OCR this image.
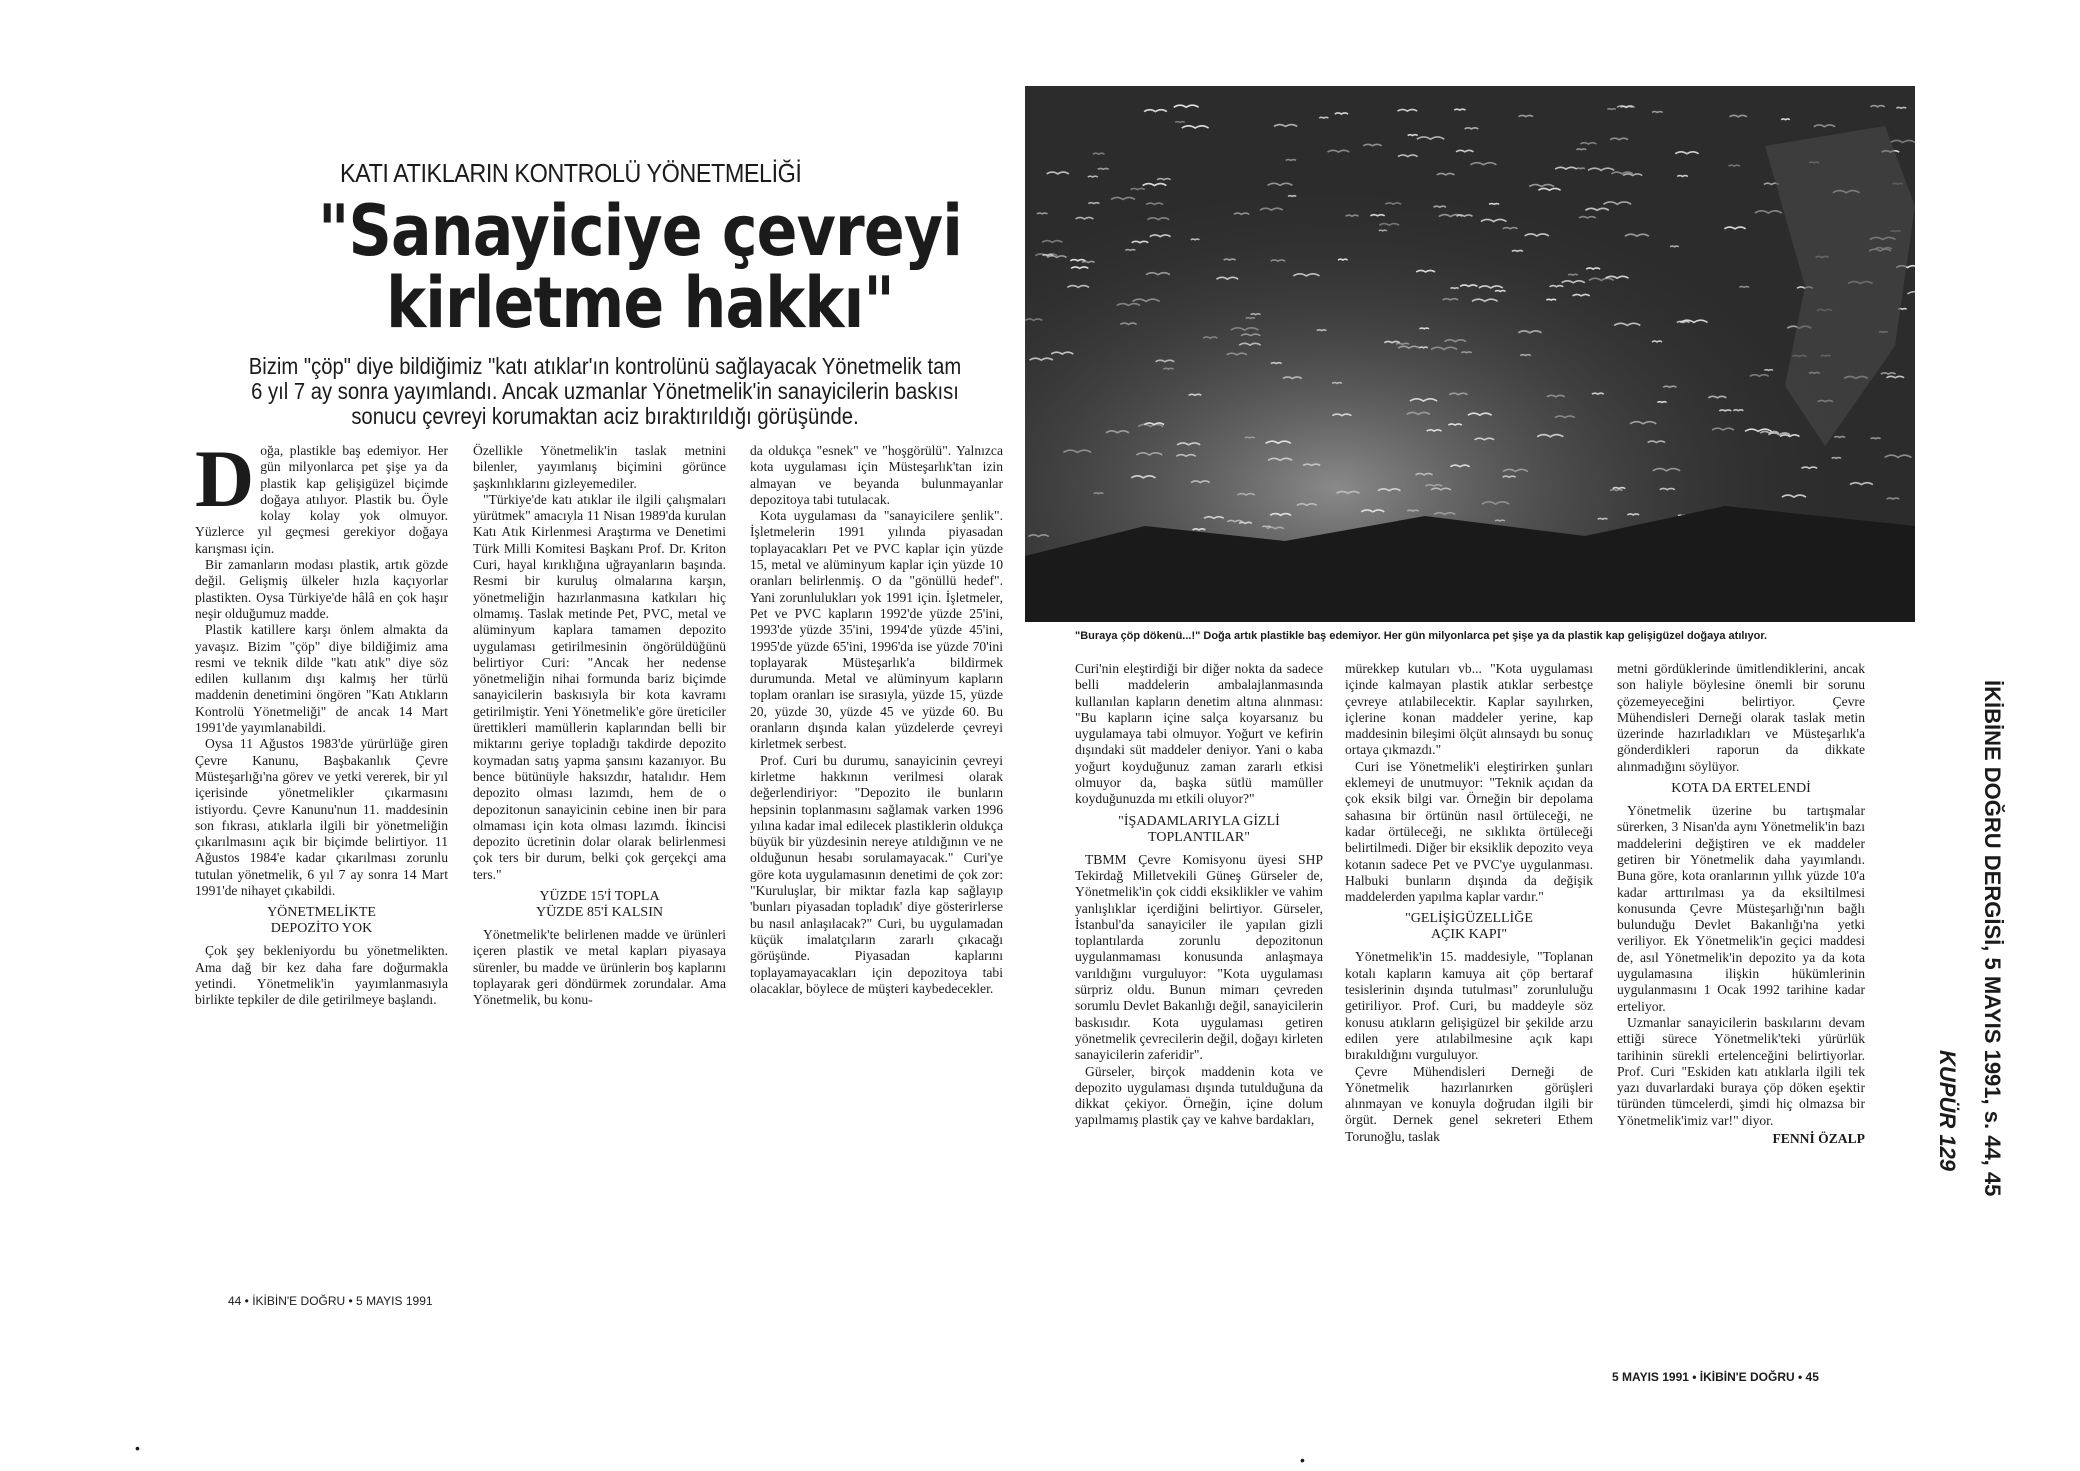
KATI ATIKLARIN KONTROLÜ YÖNETMELİĞİ
"Sanayiciye çevreyi
kirletme hakkı"
Bizim "çöp" diye bildiğimiz "katı atıklar'ın kontrolünü sağlayacak Yönetmelik tam 6 yıl 7 ay sonra yayımlandı. Ancak uzmanlar Yönetmelik'in sanayicilerin baskısı sonucu çevreyi korumaktan aciz bıraktırıldığı görüşünde.

Doğa, plastikle baş edemiyor. Her gün milyonlarca pet şişe ya da plastik kap gelişigüzel biçimde doğaya atılıyor. Plastik bu. Öyle kolay kolay yok olmuyor. Yüzlerce yıl geçmesi gerekiyor doğaya karışması için.

Bir zamanların modası plastik, artık gözde değil. Gelişmiş ülkeler hızla kaçıyorlar plastikten. Oysa Türkiye'de hâlâ en çok haşır neşir olduğumuz madde.

Plastik katillere karşı önlem almakta da yavaşız. Bizim "çöp" diye bildiğimiz ama resmi ve teknik dilde "katı atık" diye söz edilen kullanım dışı kalmış her türlü maddenin denetimini öngören "Katı Atıkların Kontrolü Yönetmeliği" de ancak 14 Mart 1991'de yayımlanabildi.

Oysa 11 Ağustos 1983'de yürürlüğe giren Çevre Kanunu, Başbakanlık Çevre Müsteşarlığı'na görev ve yetki vererek, bir yıl içerisinde yönetmelikler çıkarmasını istiyordu. Çevre Kanunu'nun 11. maddesinin son fıkrası, atıklarla ilgili bir yönetmeliğin çıkarılmasını açık bir biçimde belirtiyor. 11 Ağustos 1984'e kadar çıkarılması zorunlu tutulan yönetmelik, 6 yıl 7 ay sonra 14 Mart 1991'de nihayet çıkabildi.

YÖNETMELİKTE
DEPOZİTO YOK

Çok şey bekleniyordu bu yönetmelikten. Ama dağ bir kez daha fare doğurmakla yetindi. Yönetmelik'in yayımlanmasıyla birlikte tepkiler de dile getirilmeye başlandı.

Özellikle Yönetmelik'in taslak metnini bilenler, yayımlanış biçimini görünce şaşkınlıklarını gizleyemediler.

"Türkiye'de katı atıklar ile ilgili çalışmaları yürütmek" amacıyla 11 Nisan 1989'da kurulan Katı Atık Kirlenmesi Araştırma ve Denetimi Türk Milli Komitesi Başkanı Prof. Dr. Kriton Curi, hayal kırıklığına uğrayanların başında. Resmi bir kuruluş olmalarına karşın, yönetmeliğin hazırlanmasına katkıları hiç olmamış. Taslak metinde Pet, PVC, metal ve alüminyum kaplara tamamen depozito uygulaması getirilmesinin öngörüldüğünü belirtiyor Curi: "Ancak her nedense yönetmeliğin nihai formunda bariz biçimde sanayicilerin baskısıyla bir kota kavramı getirilmiştir. Yeni Yönetmelik'e göre üreticiler ürettikleri mamüllerin kaplarından belli bir miktarını geriye topladığı takdirde depozito koymadan satış yapma şansını kazanıyor. Bu bence bütünüyle haksızdır, hatalıdır. Hem depozito olması lazımdı, hem de o depozitonun sanayicinin cebine inen bir para olmaması için kota olması lazımdı. İkincisi depozito ücretinin dolar olarak belirlenmesi çok ters bir durum, belki çok gerçekçi ama ters."

YÜZDE 15'İ TOPLA
YÜZDE 85'İ KALSIN

Yönetmelik'te belirlenen madde ve ürünleri içeren plastik ve metal kapları piyasaya sürenler, bu madde ve ürünlerin boş kaplarını toplayarak geri döndürmek zorundalar. Ama Yönetmelik, bu konu-

da oldukça "esnek" ve "hoşgörülü". Yalnızca kota uygulaması için Müsteşarlık'tan izin almayan ve beyanda bulunmayanlar depozitoya tabi tutulacak.

Kota uygulaması da "sanayicilere şenlik". İşletmelerin 1991 yılında piyasadan toplayacakları Pet ve PVC kaplar için yüzde 15, metal ve alüminyum kaplar için yüzde 10 oranları belirlenmiş. O da "gönüllü hedef". Yani zorunlulukları yok 1991 için. İşletmeler, Pet ve PVC kapların 1992'de yüzde 25'ini, 1993'de yüzde 35'ini, 1994'de yüzde 45'ini, 1995'de yüzde 65'ini, 1996'da ise yüzde 70'ini toplayarak Müsteşarlık'a bildirmek durumunda. Metal ve alüminyum kapların toplam oranları ise sırasıyla, yüzde 15, yüzde 20, yüzde 30, yüzde 45 ve yüzde 60. Bu oranların dışında kalan yüzdelerde çevreyi kirletmek serbest.

Prof. Curi bu durumu, sanayicinin çevreyi kirletme hakkının verilmesi olarak değerlendiriyor: "Depozito ile bunların hepsinin toplanmasını sağlamak varken 1996 yılına kadar imal edilecek plastiklerin oldukça büyük bir yüzdesinin nereye atıldığının ve ne olduğunun hesabı sorulamayacak." Curi'ye göre kota uygulamasının denetimi de çok zor: "Kuruluşlar, bir miktar fazla kap sağlayıp 'bunları piyasadan topladık' diye gösterirlerse bu nasıl anlaşılacak?" Curi, bu uygulamadan küçük imalatçıların zararlı çıkacağı görüşünde. Piyasadan kaplarını toplayamayacakları için depozitoya tabi olacaklar, böylece de müşteri kaybedecekler.

44 • İKİBİN'E DOĞRU • 5 MAYIS 1991
"Buraya çöp dökenü...!" Doğa artık plastikle baş edemiyor. Her gün milyonlarca pet şişe ya da plastik kap gelişigüzel doğaya atılıyor.

Curi'nin eleştirdiği bir diğer nokta da sadece belli maddelerin ambalajlanmasında kullanılan kapların denetim altına alınması: "Bu kapların içine salça koyarsanız bu uygulamaya tabi olmuyor. Yoğurt ve kefirin dışındaki süt maddeler deniyor. Yani o kaba yoğurt koyduğunuz zaman zararlı etkisi olmuyor da, başka sütlü mamüller koyduğunuzda mı etkili oluyor?"

"İŞADAMLARIYLA GİZLİ
TOPLANTILAR"

TBMM Çevre Komisyonu üyesi SHP Tekirdağ Milletvekili Güneş Gürseler de, Yönetmelik'in çok ciddi eksiklikler ve vahim yanlışlıklar içerdiğini belirtiyor. Gürseler, İstanbul'da sanayiciler ile yapılan gizli toplantılarda zorunlu depozitonun uygulanmaması konusunda anlaşmaya varıldığını vurguluyor: "Kota uygulaması sürpriz oldu. Bunun mimarı çevreden sorumlu Devlet Bakanlığı değil, sanayicilerin baskısıdır. Kota uygulaması getiren yönetmelik çevrecilerin değil, doğayı kirleten sanayicilerin zaferidir".

Gürseler, birçok maddenin kota ve depozito uygulaması dışında tutulduğuna da dikkat çekiyor. Örneğin, içine dolum yapılmamış plastik çay ve kahve bardakları,

mürekkep kutuları vb... "Kota uygulaması içinde kalmayan plastik atıklar serbestçe çevreye atılabilecektir. Kaplar sayılırken, içlerine konan maddeler yerine, kap maddesinin bileşimi ölçüt alınsaydı bu sonuç ortaya çıkmazdı."

Curi ise Yönetmelik'i eleştirirken şunları eklemeyi de unutmuyor: "Teknik açıdan da çok eksik bilgi var. Örneğin bir depolama sahasına bir örtünün nasıl örtüleceği, ne kadar örtüleceği, ne sıklıkta örtüleceği belirtilmedi. Diğer bir eksiklik depozito veya kotanın sadece Pet ve PVC'ye uygulanması. Halbuki bunların dışında da değişik maddelerden yapılma kaplar vardır."

"GELİŞİGÜZELLİĞE
AÇIK KAPI"

Yönetmelik'in 15. maddesiyle, "Toplanan kotalı kapların kamuya ait çöp bertaraf tesislerinin dışında tutulması" zorunluluğu getiriliyor. Prof. Curi, bu maddeyle söz konusu atıkların gelişigüzel bir şekilde arzu edilen yere atılabilmesine açık kapı bırakıldığını vurguluyor.

Çevre Mühendisleri Derneği de Yönetmelik hazırlanırken görüşleri alınmayan ve konuyla doğrudan ilgili bir örgüt. Dernek genel sekreteri Ethem Torunoğlu, taslak

metni gördüklerinde ümitlendiklerini, ancak son haliyle böylesine önemli bir sorunu çözemeyeceğini belirtiyor. Çevre Mühendisleri Derneği olarak taslak metin üzerinde hazırladıkları ve Müsteşarlık'a gönderdikleri raporun da dikkate alınmadığını söylüyor.

KOTA DA ERTELENDİ

Yönetmelik üzerine bu tartışmalar sürerken, 3 Nisan'da aynı Yönetmelik'in bazı maddelerini değiştiren ve ek maddeler getiren bir Yönetmelik daha yayımlandı. Buna göre, kota oranlarının yıllık yüzde 10'a kadar arttırılması ya da eksiltilmesi konusunda Çevre Müsteşarlığı'nın bağlı bulunduğu Devlet Bakanlığı'na yetki veriliyor. Ek Yönetmelik'in geçici maddesi de, asıl Yönetmelik'in depozito ya da kota uygulamasına ilişkin hükümlerinin uygulanmasını 1 Ocak 1992 tarihine kadar erteliyor.

Uzmanlar sanayicilerin baskılarını devam ettiği sürece Yönetmelik'teki yürürlük tarihinin sürekli ertelenceğini belirtiyorlar. Prof. Curi "Eskiden katı atıklarla ilgili tek yazı duvarlardaki buraya çöp döken eşektir türünden tümcelerdi, şimdi hiç olmazsa bir Yönetmelik'imiz var!" diyor.

FENNİ ÖZALP

5 MAYIS 1991 • İKİBİN'E DOĞRU • 45
İKİBİNE DOĞRU DERGİSİ, 5 MAYIS 1991, s. 44, 45
KUPÜR 129
•
•
